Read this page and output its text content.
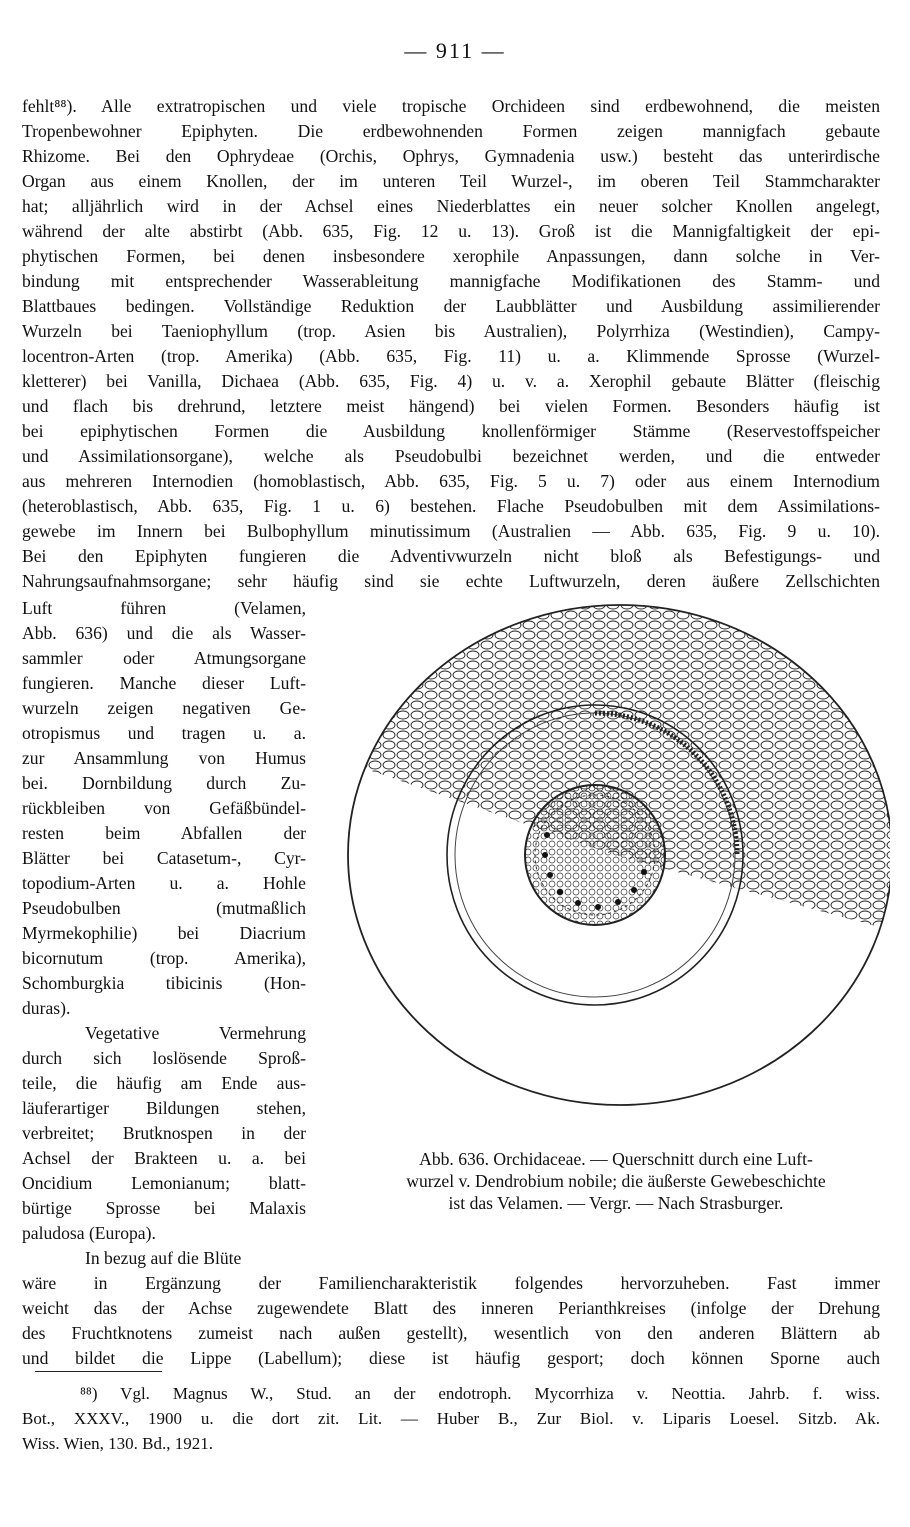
— 911 —
fehlt⁸⁸). Alle extratropischen und viele tropische Orchideen sind erdbewohnend, die meisten
Tropenbewohner Epiphyten. Die erdbewohnenden Formen zeigen mannigfach gebaute
Rhizome. Bei den Ophrydeae (Orchis, Ophrys, Gymnadenia usw.) besteht das unterirdische
Organ aus einem Knollen, der im unteren Teil Wurzel-, im oberen Teil Stammcharakter
hat; alljährlich wird in der Achsel eines Niederblattes ein neuer solcher Knollen angelegt,
während der alte abstirbt (Abb. 635, Fig. 12 u. 13). Groß ist die Mannigfaltigkeit der epi-
phytischen Formen, bei denen insbesondere xerophile Anpassungen, dann solche in Ver-
bindung mit entsprechender Wasserableitung mannigfache Modifikationen des Stamm- und
Blattbaues bedingen. Vollständige Reduktion der Laubblätter und Ausbildung assimilierender
Wurzeln bei Taeniophyllum (trop. Asien bis Australien), Polyrrhiza (Westindien), Campy-
locentron-Arten (trop. Amerika) (Abb. 635, Fig. 11) u. a. Klimmende Sprosse (Wurzel-
kletterer) bei Vanilla, Dichaea (Abb. 635, Fig. 4) u. v. a. Xerophil gebaute Blätter (fleischig
und flach bis drehrund, letztere meist hängend) bei vielen Formen. Besonders häufig ist
bei epiphytischen Formen die Ausbildung knollenförmiger Stämme (Reservestoffspeicher
und Assimilationsorgane), welche als Pseudobulbi bezeichnet werden, und die entweder
aus mehreren Internodien (homoblastisch, Abb. 635, Fig. 5 u. 7) oder aus einem Internodium
(heteroblastisch, Abb. 635, Fig. 1 u. 6) bestehen. Flache Pseudobulben mit dem Assimilations-
gewebe im Innern bei Bulbophyllum minutissimum (Australien — Abb. 635, Fig. 9 u. 10).
Bei den Epiphyten fungieren die Adventivwurzeln nicht bloß als Befestigungs- und
Nahrungsaufnahmsorgane; sehr häufig sind sie echte Luftwurzeln, deren äußere Zellschichten
Luft führen (Velamen,
Abb. 636) und die als Wasser-
sammler oder Atmungsorgane
fungieren. Manche dieser Luft-
wurzeln zeigen negativen Ge-
otropismus und tragen u. a.
zur Ansammlung von Humus
bei. Dornbildung durch Zu-
rückbleiben von Gefäßbündel-
resten beim Abfallen der
Blätter bei Catasetum-, Cyr-
topodium-Arten u. a. Hohle
Pseudobulben (mutmaßlich
Myrmekophilie) bei Diacrium
bicornutum (trop. Amerika),
Schomburgkia tibicinis (Hon-
duras).
Vegetative Vermehrung
durch sich loslösende Sproß-
teile, die häufig am Ende aus-
läuferartiger Bildungen stehen,
verbreitet; Brutknospen in der
Achsel der Brakteen u. a. bei
Oncidium Lemonianum; blatt-
bürtige Sprosse bei Malaxis
paludosa (Europa).
In bezug auf die Blüte
Abb. 636. Orchidaceae. — Querschnitt durch eine Luft-
wurzel v. Dendrobium nobile; die äußerste Gewebeschichte
ist das Velamen. — Vergr. — Nach Strasburger.
wäre in Ergänzung der Familiencharakteristik folgendes hervorzuheben. Fast immer
weicht das der Achse zugewendete Blatt des inneren Perianthkreises (infolge der Drehung
des Fruchtknotens zumeist nach außen gestellt), wesentlich von den anderen Blättern ab
und bildet die Lippe (Labellum); diese ist häufig gesport; doch können Sporne auch
⁸⁸) Vgl. Magnus W., Stud. an der endotroph. Mycorrhiza v. Neottia. Jahrb. f. wiss.
Bot., XXXV., 1900 u. die dort zit. Lit. — Huber B., Zur Biol. v. Liparis Loesel. Sitzb. Ak.
Wiss. Wien, 130. Bd., 1921.
